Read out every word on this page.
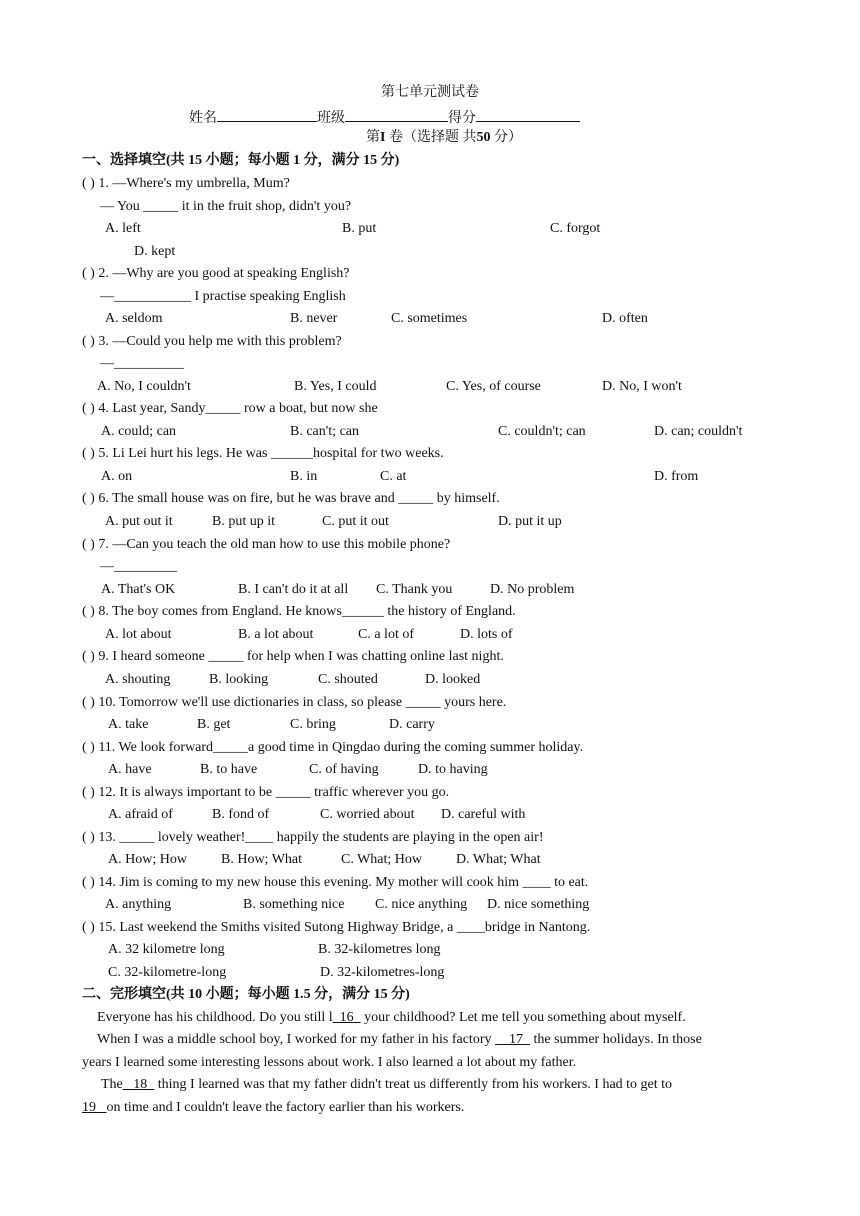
第七单元测试卷
姓名	班级	得分
第I 卷（选择题 共50 分）
一、选择填空(共 15 小题；每小题 1 分，满分 15 分)
( ) 1. —Where's my umbrella, Mum?
— You _____ it in the fruit shop, didn't you?
A. left	B. put	C. forgot
D. kept
( ) 2. —Why are you good at speaking English?
—___________ I practise speaking English
A. seldom	B. never	C. sometimes	D. often
( ) 3. —Could you help me with this problem?
—__________
A. No, I couldn't	B. Yes, I could	C. Yes, of course	D. No, I won't
( ) 4. Last year, Sandy_____ row a boat, but now she
A. could; can	B. can't; can	C. couldn't; can	D. can; couldn't
( ) 5. Li Lei hurt his legs. He was ______hospital for two weeks.
A. on	B. in	C. at	D. from
( ) 6. The small house was on fire, but he was brave and _____ by himself.
A. put out it	B. put up it	C. put it out	D. put it up
( ) 7. —Can you teach the old man how to use this mobile phone?
—_________
A. That's OK	B. I can't do it at all C. Thank you	D. No problem
( ) 8. The boy comes from England. He knows______ the history of England.
A. lot about	B. a lot about	C. a lot of	D. lots of
( ) 9. I heard someone _____ for help when I was chatting online last night.
A. shouting	B. looking	C. shouted	D. looked
( ) 10. Tomorrow we'll use dictionaries in class, so please _____ yours here.
A. take	B. get	C. bring	D. carry
( ) 11. We look forward_____a good time in Qingdao during the coming summer holiday.
A. have	B. to have	C. of having	D. to having
( ) 12. It is always important to be _____ traffic wherever you go.
A. afraid of	B. fond of	C. worried about D. careful with
( ) 13. _____ lovely weather!____ happily the students are playing in the open air!
A. How; How B. How; What	C. What; How D. What; What
( ) 14. Jim is coming to my new house this evening. My mother will cook him ____ to eat.
A. anything	B. something nice C. nice anything D. nice something
( ) 15. Last weekend the Smiths visited Sutong Highway Bridge, a ____bridge in Nantong.
A. 32 kilometre long	B. 32-kilometres long
C. 32-kilometre-long	D. 32-kilometres-long
二、完形填空(共 10 小题；每小题 1.5 分，满分 15 分)
Everyone has his childhood. Do you still l 16   your childhood? Let me tell you something about myself.
When I was a middle school boy, I worked for my father in his factory     17   the summer holidays. In those
years I learned some interesting lessons about work. I also learned a lot about my father.
The 18   thing I learned was that my father didn't treat us differently from his workers. I had to get to
19 on time and I couldn't leave the factory earlier than his workers.
